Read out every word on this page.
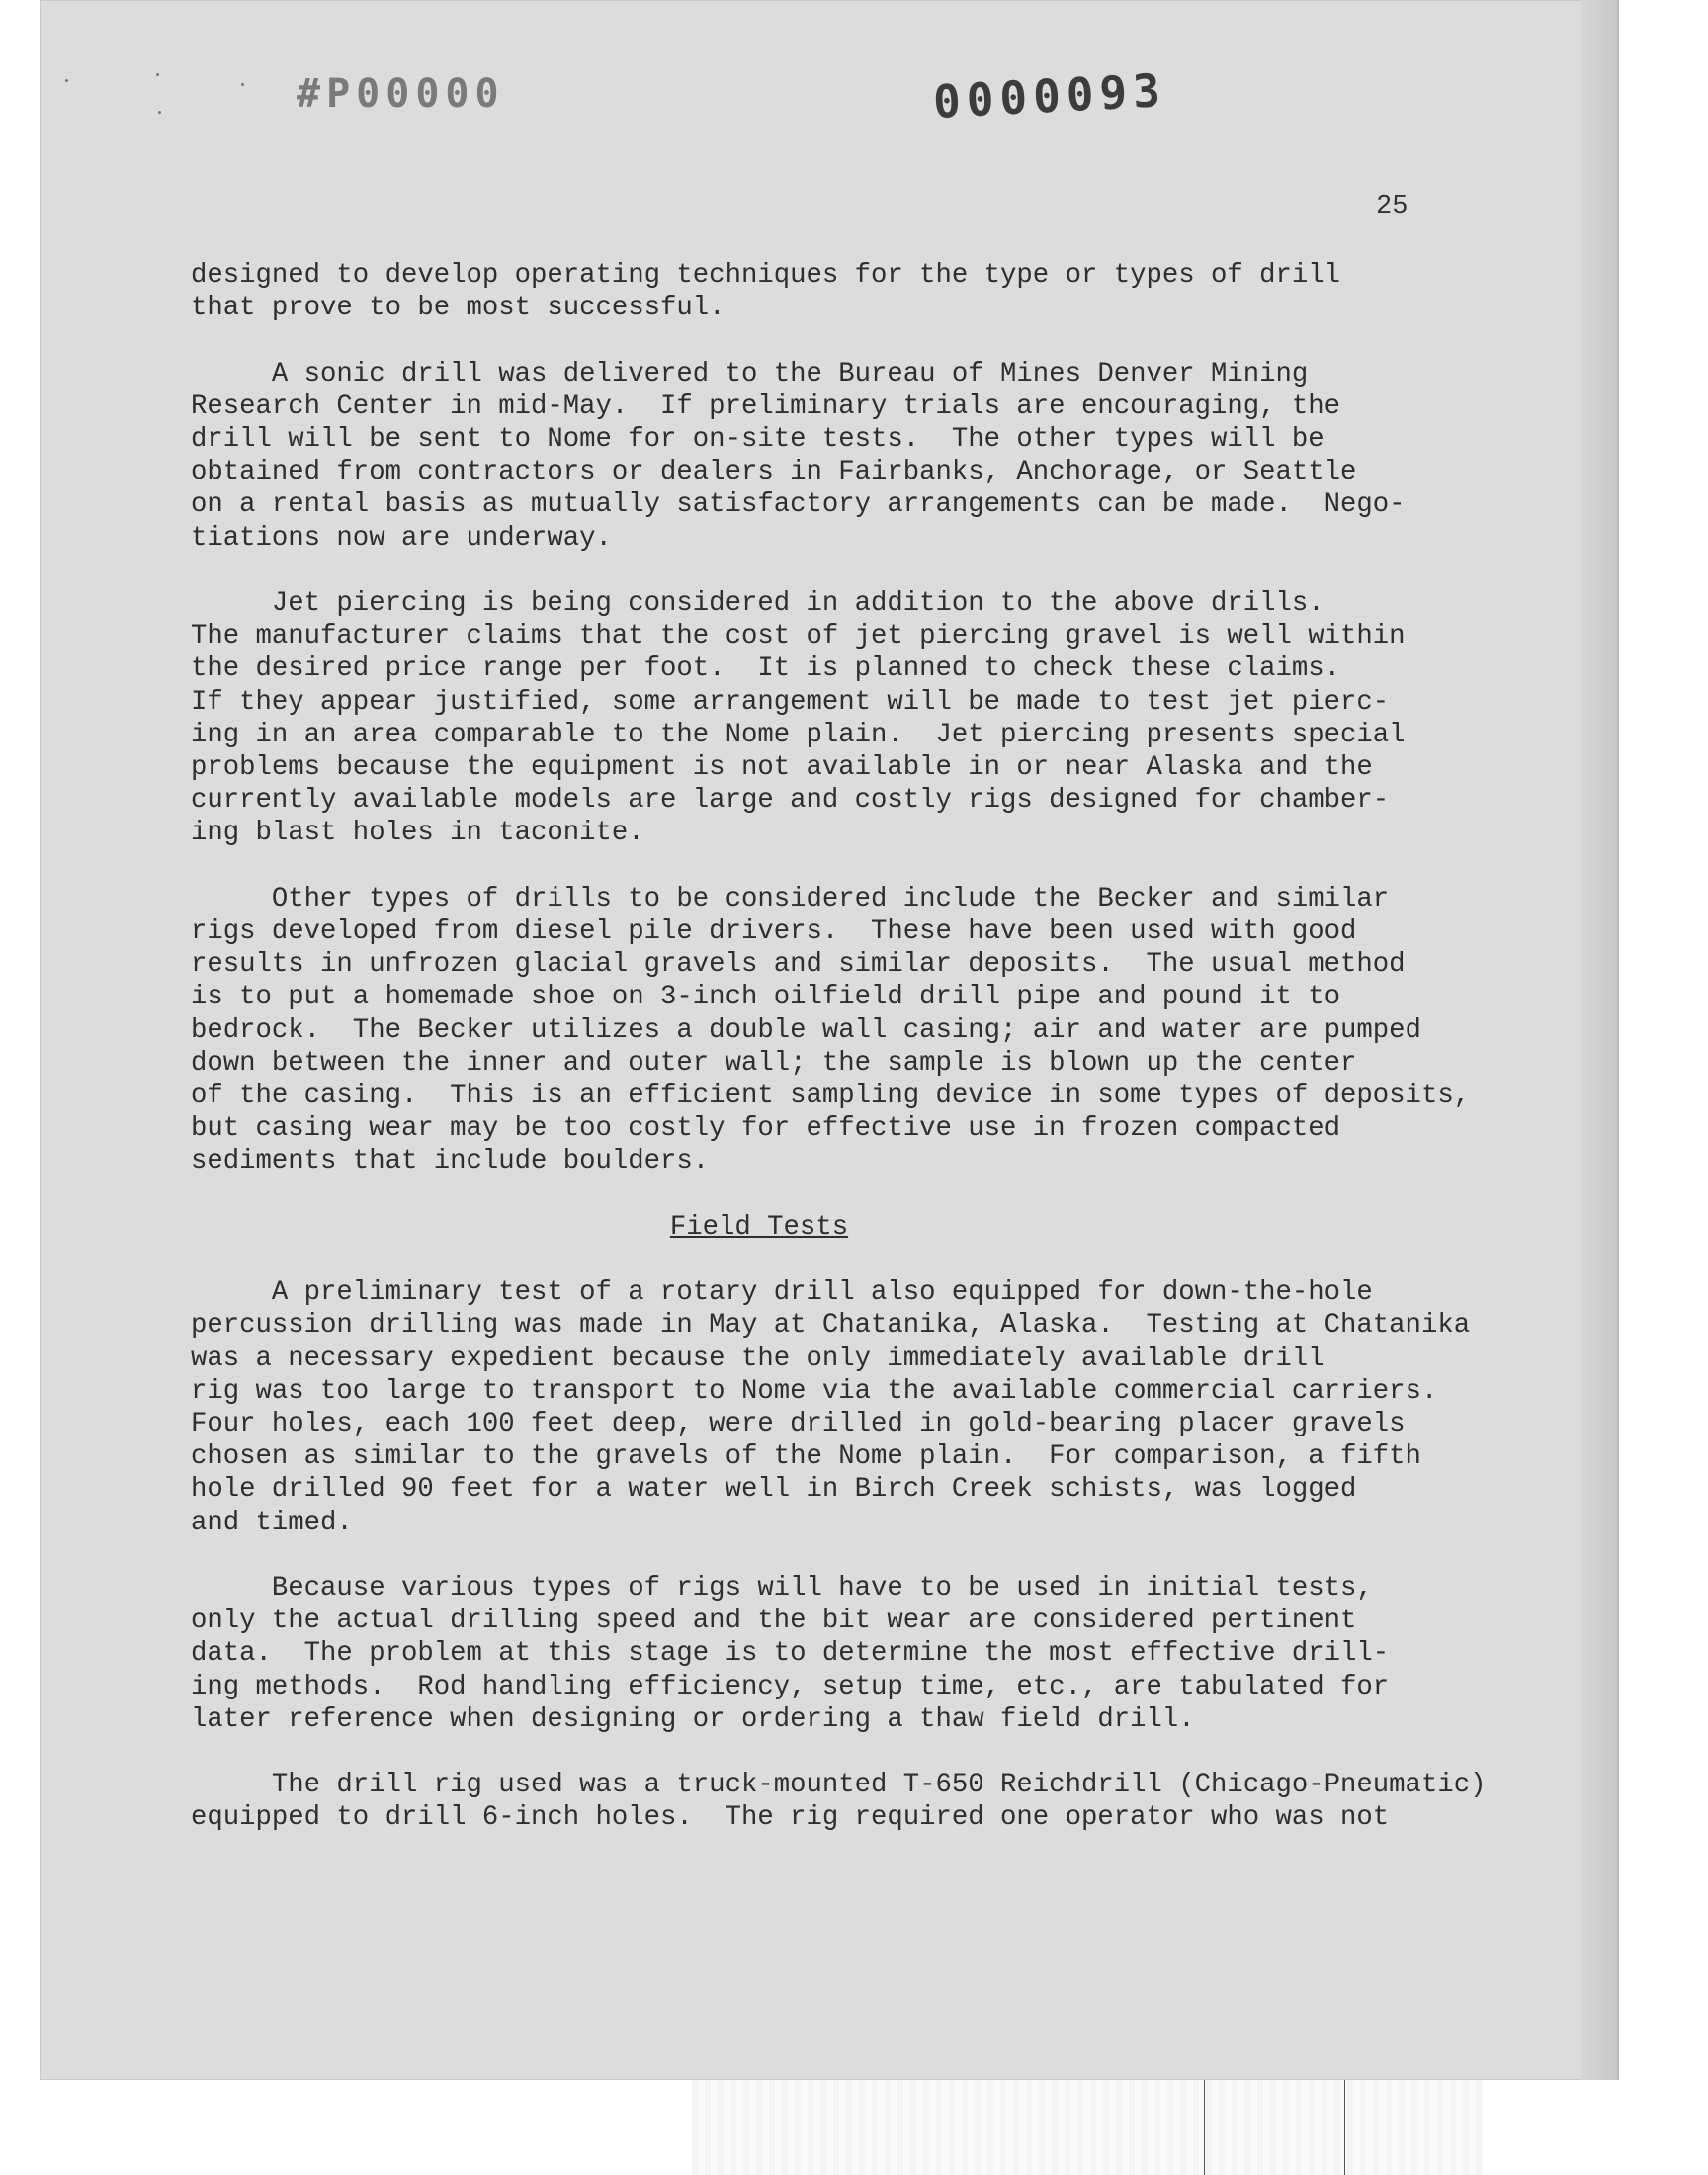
#P00000	0000093
25

designed to develop operating techniques for the type or types of drill
that prove to be most successful.

A sonic drill was delivered to the Bureau of Mines Denver Mining
Research Center in mid-May.  If preliminary trials are encouraging, the
drill will be sent to Nome for on-site tests.  The other types will be
obtained from contractors or dealers in Fairbanks, Anchorage, or Seattle
on a rental basis as mutually satisfactory arrangements can be made.  Nego-
tiations now are underway.

Jet piercing is being considered in addition to the above drills.
The manufacturer claims that the cost of jet piercing gravel is well within
the desired price range per foot.  It is planned to check these claims.
If they appear justified, some arrangement will be made to test jet pierc-
ing in an area comparable to the Nome plain.  Jet piercing presents special
problems because the equipment is not available in or near Alaska and the
currently available models are large and costly rigs designed for chamber-
ing blast holes in taconite.

Other types of drills to be considered include the Becker and similar
rigs developed from diesel pile drivers.  These have been used with good
results in unfrozen glacial gravels and similar deposits.  The usual method
is to put a homemade shoe on 3-inch oilfield drill pipe and pound it to
bedrock.  The Becker utilizes a double wall casing; air and water are pumped
down between the inner and outer wall; the sample is blown up the center
of the casing.  This is an efficient sampling device in some types of deposits,
but casing wear may be too costly for effective use in frozen compacted
sediments that include boulders.

Field Tests

A preliminary test of a rotary drill also equipped for down-the-hole
percussion drilling was made in May at Chatanika, Alaska.  Testing at Chatanika
was a necessary expedient because the only immediately available drill
rig was too large to transport to Nome via the available commercial carriers.
Four holes, each 100 feet deep, were drilled in gold-bearing placer gravels
chosen as similar to the gravels of the Nome plain.  For comparison, a fifth
hole drilled 90 feet for a water well in Birch Creek schists, was logged
and timed.

Because various types of rigs will have to be used in initial tests,
only the actual drilling speed and the bit wear are considered pertinent
data.  The problem at this stage is to determine the most effective drill-
ing methods.  Rod handling efficiency, setup time, etc., are tabulated for
later reference when designing or ordering a thaw field drill.

The drill rig used was a truck-mounted T-650 Reichdrill (Chicago-Pneumatic)
equipped to drill 6-inch holes.  The rig required one operator who was not
